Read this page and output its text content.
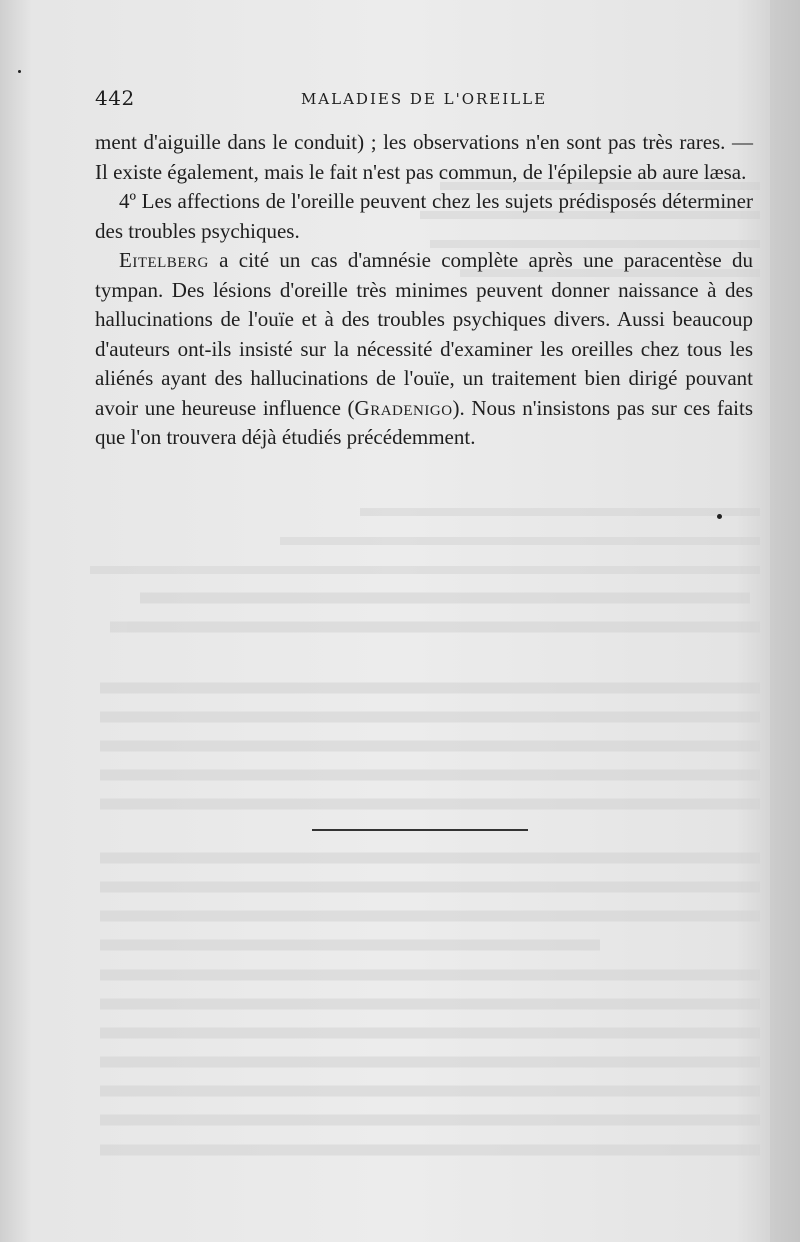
442	MALADIES DE L'OREILLE

ment d'aiguille dans le conduit) ; les observations n'en sont pas très rares. — Il existe également, mais le fait n'est pas commun, de l'épilepsie ab aure læsa.

4º Les affections de l'oreille peuvent chez les sujets prédisposés déterminer des troubles psychiques.

Eitelberg a cité un cas d'amnésie complète après une paracentèse du tympan. Des lésions d'oreille très minimes peuvent donner naissance à des hallucinations de l'ouïe et à des troubles psychiques divers. Aussi beaucoup d'auteurs ont-ils insisté sur la nécessité d'examiner les oreilles chez tous les aliénés ayant des hallucinations de l'ouïe, un traitement bien dirigé pouvant avoir une heureuse influence (Gradenigo). Nous n'insistons pas sur ces faits que l'on trouvera déjà étudiés précédemment.
